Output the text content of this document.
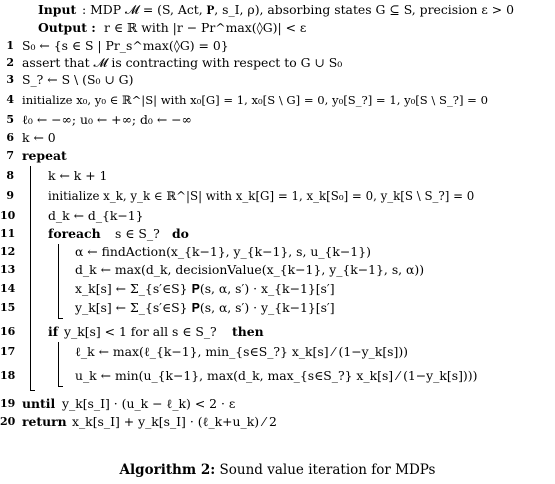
Input : MDP 𝓜 = (S, Act, 𝐏, s_I, ρ), absorbing states G ⊆ S, precision ε > 0
Output : r ∈ ℝ with |r − Pr^max(◊G)| < ε
1 S₀ ← {s ∈ S | Pr_s^max(◊G) = 0}
2 assert that 𝓜 is contracting with respect to G ∪ S₀
3 S_? ← S \ (S₀ ∪ G)
4 initialize x₀, y₀ ∈ ℝ^|S| with x₀[G] = 1, x₀[S \ G] = 0, y₀[S_?] = 1, y₀[S \ S_?] = 0
5 ℓ₀ ← −∞; u₀ ← +∞; d₀ ← −∞
6 k ← 0
7 repeat
8	k ← k + 1
9	initialize x_k, y_k ∈ ℝ^|S| with x_k[G] = 1, x_k[S₀] = 0, y_k[S \ S_?] = 0
10	d_k ← d_{k−1}
11	foreach s ∈ S_? do
12	α ← findAction(x_{k−1}, y_{k−1}, s, u_{k−1})
13	d_k ← max(d_k, decisionValue(x_{k−1}, y_{k−1}, s, α))
14	x_k[s] ← Σ_{s′∈S} 𝐏(s, α, s′) · x_{k−1}[s′]
15	y_k[s] ← Σ_{s′∈S} 𝐏(s, α, s′) · y_{k−1}[s′]
16	if y_k[s] < 1 for all s ∈ S_? then
17	ℓ_k ← max(ℓ_{k−1}, min_{s∈S_?} x_k[s] ⁄ (1−y_k[s]))
18	u_k ← min(u_{k−1}, max(d_k, max_{s∈S_?} x_k[s] ⁄ (1−y_k[s])))
19 until y_k[s_I] · (u_k − ℓ_k) < 2 · ε
20 return x_k[s_I] + y_k[s_I] · (ℓ_k+u_k) ⁄ 2
Algorithm 2: Sound value iteration for MDPs
